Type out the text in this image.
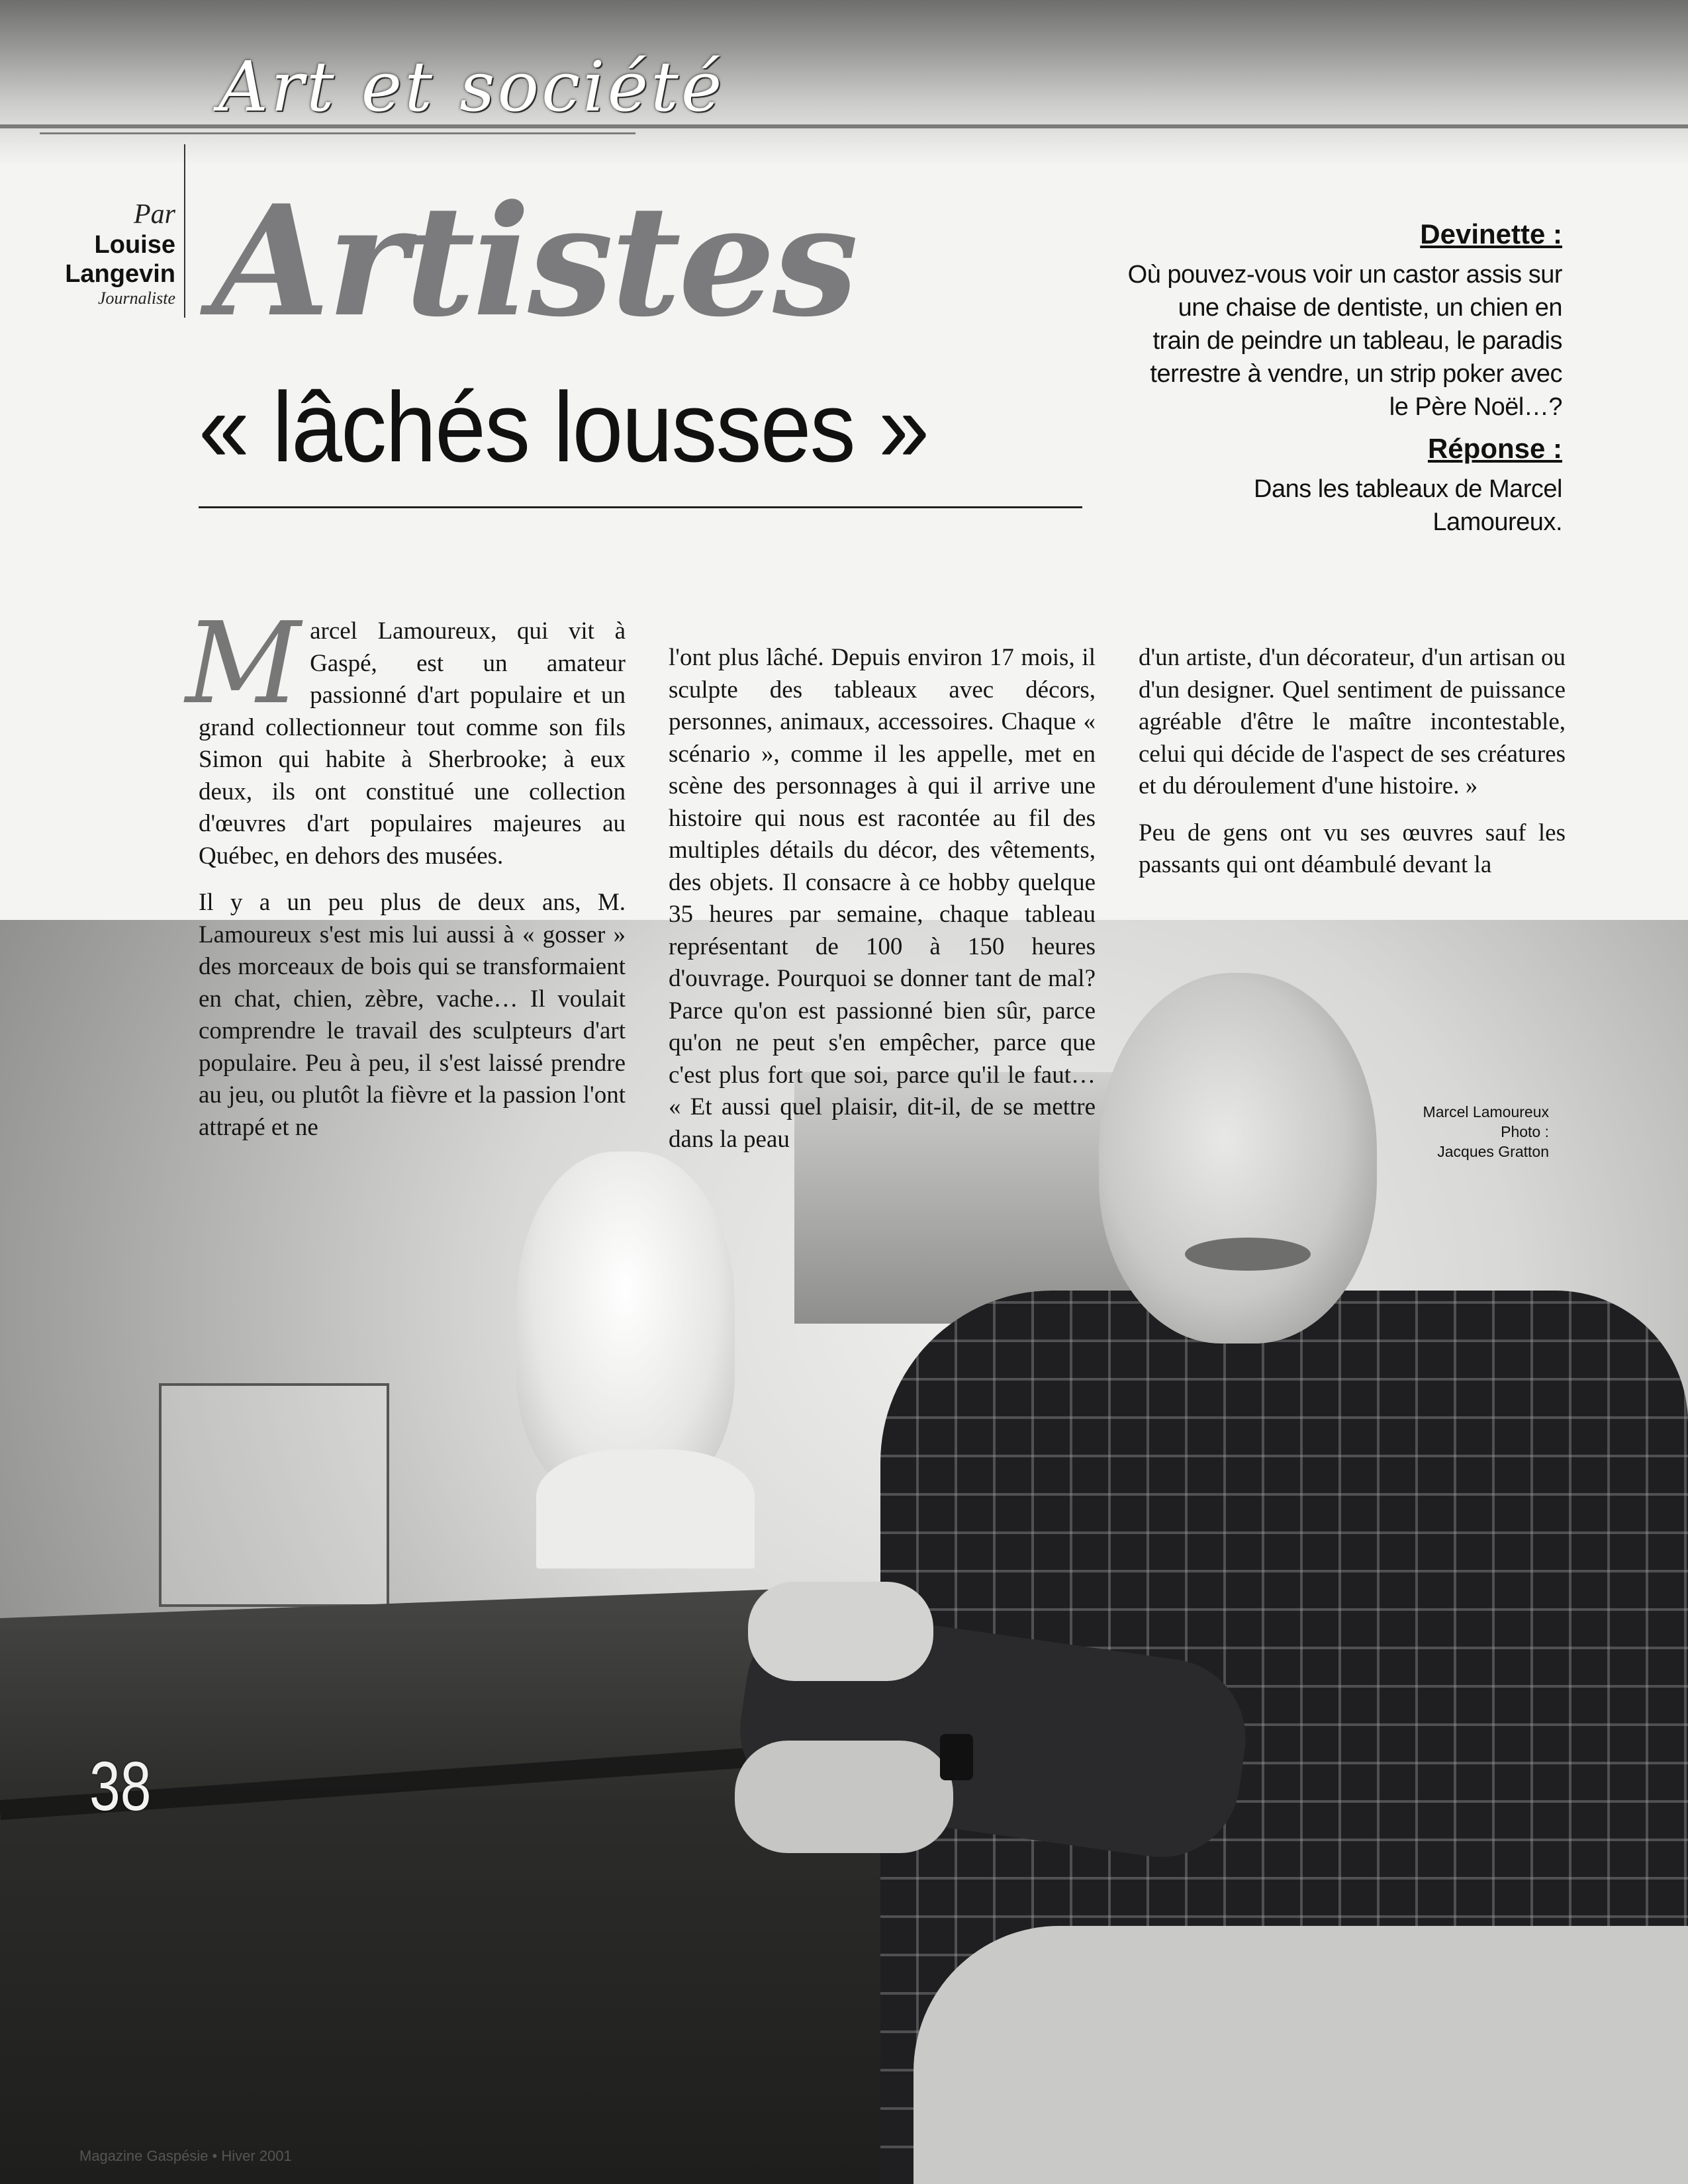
Art et société
Par
Louise
Langevin
Journaliste Artistes
« lâchés lousses »
Devinette :
Où pouvez-vous voir un castor assis sur une chaise de dentiste, un chien en train de peindre un tableau, le paradis terrestre à vendre, un strip poker avec le Père Noël…?
Réponse :
Dans les tableaux de Marcel Lamoureux.

Marcel Lamoureux, qui vit à Gaspé, est un amateur passionné d'art populaire et un grand collectionneur tout comme son fils Simon qui habite à Sherbrooke; à eux deux, ils ont constitué une collection d'œuvres d'art populaires majeures au Québec, en dehors des musées.

Il y a un peu plus de deux ans, M. Lamoureux s'est mis lui aussi à « gosser » des morceaux de bois qui se transformaient en chat, chien, zèbre, vache… Il voulait comprendre le travail des sculpteurs d'art populaire. Peu à peu, il s'est laissé prendre au jeu, ou plutôt la fièvre et la passion l'ont attrapé et ne

l'ont plus lâché. Depuis environ 17 mois, il sculpte des tableaux avec décors, personnes, animaux, accessoires. Chaque « scénario », comme il les appelle, met en scène des personnages à qui il arrive une histoire qui nous est racontée au fil des multiples détails du décor, des vêtements, des objets. Il consacre à ce hobby quelque 35 heures par semaine, chaque tableau représentant de 100 à 150 heures d'ouvrage. Pourquoi se donner tant de mal? Parce qu'on est passionné bien sûr, parce qu'on ne peut s'en empêcher, parce que c'est plus fort que soi, parce qu'il le faut… « Et aussi quel plaisir, dit-il, de se mettre dans la peau

d'un artiste, d'un décorateur, d'un artisan ou d'un designer. Quel sentiment de puissance agréable d'être le maître incontestable, celui qui décide de l'aspect de ses créatures et du déroulement d'une histoire. »

Peu de gens ont vu ses œuvres sauf les passants qui ont déambulé devant la

Marcel Lamoureux
Photo :
Jacques Gratton
38
Magazine Gaspésie • Hiver 2001
